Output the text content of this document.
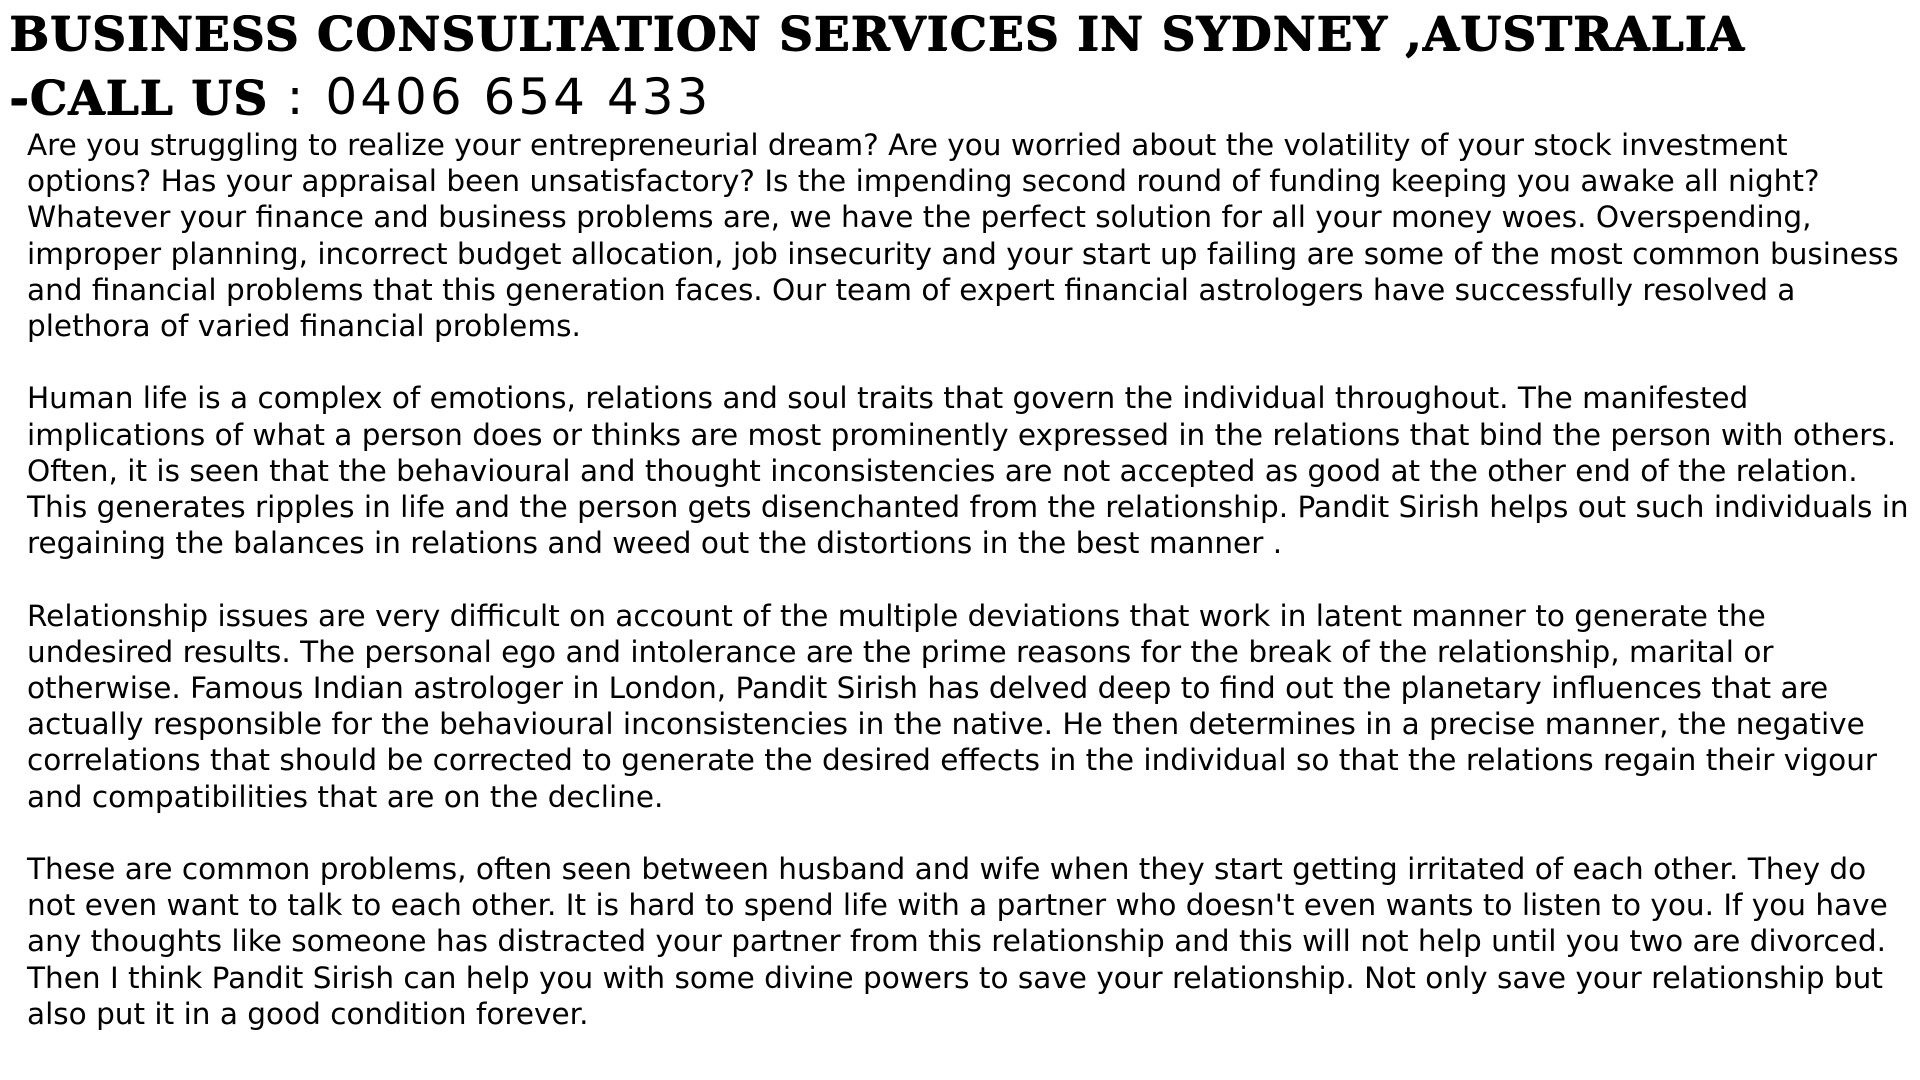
BUSINESS CONSULTATION SERVICES IN SYDNEY ,AUSTRALIA
-CALL US : 0406 654 433

Are you struggling to realize your entrepreneurial dream? Are you worried about the volatility of your stock investment options? Has your appraisal been unsatisfactory? Is the impending second round of funding keeping you awake all night? Whatever your finance and business problems are, we have the perfect solution for all your money woes. Overspending, improper planning, incorrect budget allocation, job insecurity and your start up failing are some of the most common business and financial problems that this generation faces. Our team of expert financial astrologers have successfully resolved a plethora of varied financial problems.

Human life is a complex of emotions, relations and soul traits that govern the individual throughout. The manifested implications of what a person does or thinks are most prominently expressed in the relations that bind the person with others. Often, it is seen that the behavioural and thought inconsistencies are not accepted as good at the other end of the relation. This generates ripples in life and the person gets disenchanted from the relationship. Pandit Sirish helps out such individuals in regaining the balances in relations and weed out the distortions in the best manner .

Relationship issues are very difficult on account of the multiple deviations that work in latent manner to generate the undesired results. The personal ego and intolerance are the prime reasons for the break of the relationship, marital or otherwise. Famous Indian astrologer in London, Pandit Sirish has delved deep to find out the planetary influences that are actually responsible for the behavioural inconsistencies in the native. He then determines in a precise manner, the negative correlations that should be corrected to generate the desired effects in the individual so that the relations regain their vigour and compatibilities that are on the decline.

These are common problems, often seen between husband and wife when they start getting irritated of each other. They do not even want to talk to each other. It is hard to spend life with a partner who doesn't even wants to listen to you. If you have any thoughts like someone has distracted your partner from this relationship and this will not help until you two are divorced. Then I think Pandit Sirish can help you with some divine powers to save your relationship. Not only save your relationship but also put it in a good condition forever.
